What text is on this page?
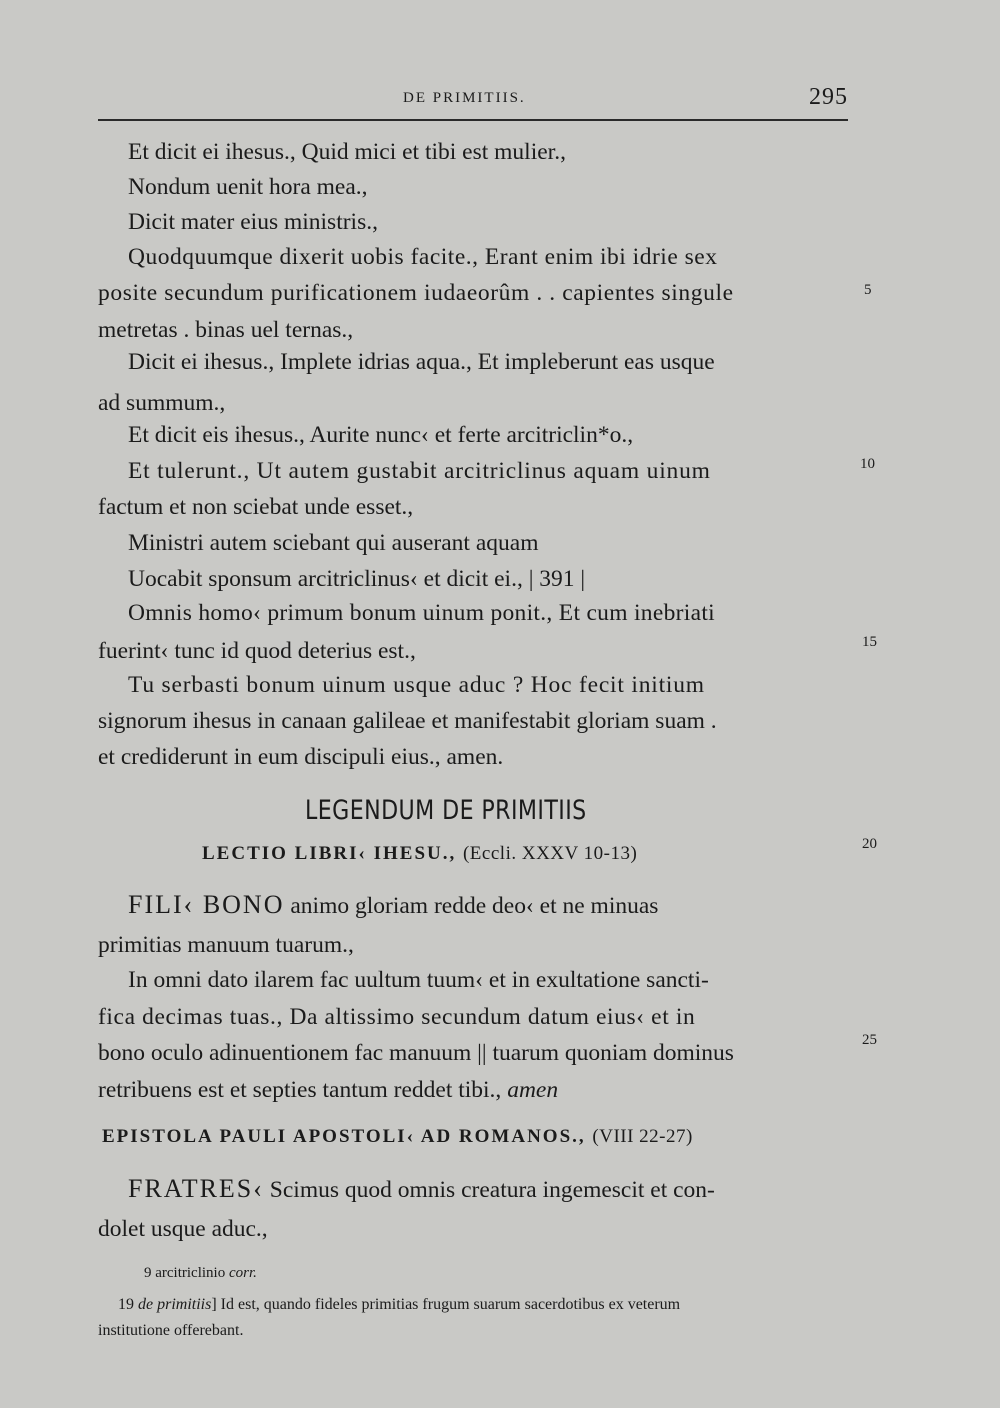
DE PRIMITIIS.	295
Et dicit ei ihesus., Quid mici et tibi est mulier.,
Nondum uenit hora mea.,
Dicit mater eius ministris.,
Quodquumque dixerit uobis facite., Erant enim ibi idrie sex
posite secundum purificationem iudaeorûm . . capientes singule
metretas . binas uel ternas.,
Dicit ei ihesus., Implete idrias aqua., Et impleberunt eas usque
ad summum.,
Et dicit eis ihesus., Aurite nunc‹ et ferte arcitriclin*o.,
Et tulerunt., Ut autem gustabit arcitriclinus aquam uinum
factum et non sciebat unde esset.,
Ministri autem sciebant qui auserant aquam
Uocabit sponsum arcitriclinus‹ et dicit ei., | 391 |
Omnis homo‹ primum bonum uinum ponit., Et cum inebriati
fuerint‹ tunc id quod deterius est.,
Tu serbasti bonum uinum usque aduc ? Hoc fecit initium
signorum ihesus in canaan galileae et manifestabit gloriam suam .
et crediderunt in eum discipuli eius., amen.
LEGENDUM DE PRIMITIIS
LECTIO LIBRI‹ IHESU., (Eccli. XXXV 10-13)
FILI‹ BONO animo gloriam redde deo‹ et ne minuas
primitias manuum tuarum.,
In omni dato ilarem fac uultum tuum‹ et in exultatione sancti-
fica decimas tuas., Da altissimo secundum datum eius‹ et in
bono oculo adinuentionem fac manuum || tuarum quoniam dominus
retribuens est et septies tantum reddet tibi., amen
EPISTOLA PAULI APOSTOLI‹ AD ROMANOS., (VIII 22-27)
FRATRES‹ Scimus quod omnis creatura ingemescit et con-
dolet usque aduc.,
5
10
15
20
25
9 arcitriclinio corr.
19 de primitiis] Id est, quando fideles primitias frugum suarum sacerdotibus ex veterum
institutione offerebant.
